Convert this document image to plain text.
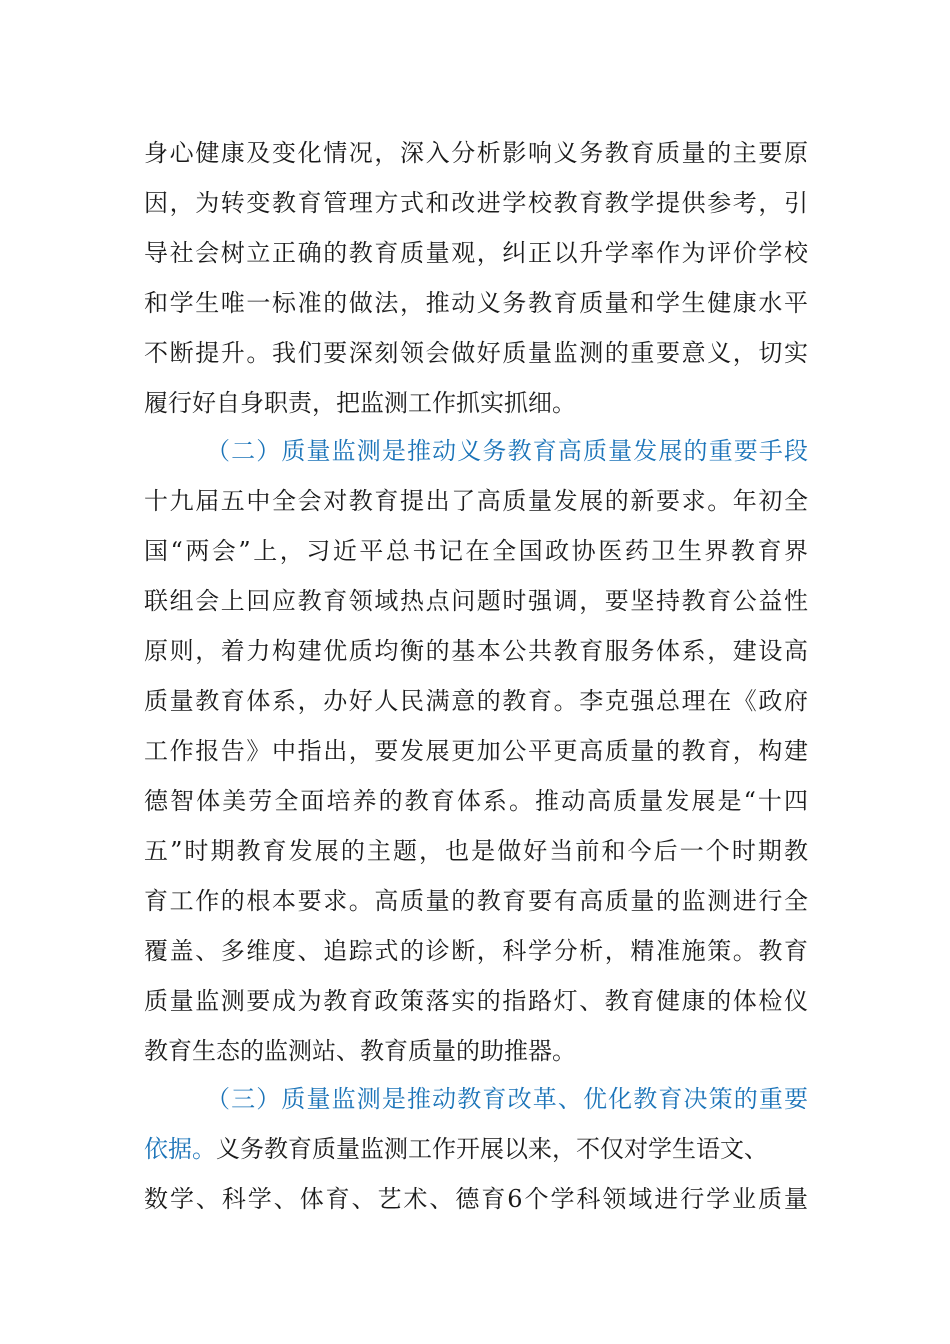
身心健康及变化情况，深入分析影响义务教育质量的主要原
因，为转变教育管理方式和改进学校教育教学提供参考，引
导社会树立正确的教育质量观，纠正以升学率作为评价学校
和学生唯一标准的做法，推动义务教育质量和学生健康水平
不断提升。我们要深刻领会做好质量监测的重要意义，切实
履行好自身职责，把监测工作抓实抓细。
（二）质量监测是推动义务教育高质量发展的重要手段
十九届五中全会对教育提出了高质量发展的新要求。年初全
国“两会”上，习近平总书记在全国政协医药卫生界教育界
联组会上回应教育领域热点问题时强调，要坚持教育公益性
原则，着力构建优质均衡的基本公共教育服务体系，建设高
质量教育体系，办好人民满意的教育。李克强总理在《政府
工作报告》中指出，要发展更加公平更高质量的教育，构建
德智体美劳全面培养的教育体系。推动高质量发展是“十四
五”时期教育发展的主题，也是做好当前和今后一个时期教
育工作的根本要求。高质量的教育要有高质量的监测进行全
覆盖、多维度、追踪式的诊断，科学分析，精准施策。教育
质量监测要成为教育政策落实的指路灯、教育健康的体检仪
教育生态的监测站、教育质量的助推器。
（三）质量监测是推动教育改革、优化教育决策的重要
依据。义务教育质量监测工作开展以来，不仅对学生语文、
数学、科学、体育、艺术、德育6个学科领域进行学业质量
